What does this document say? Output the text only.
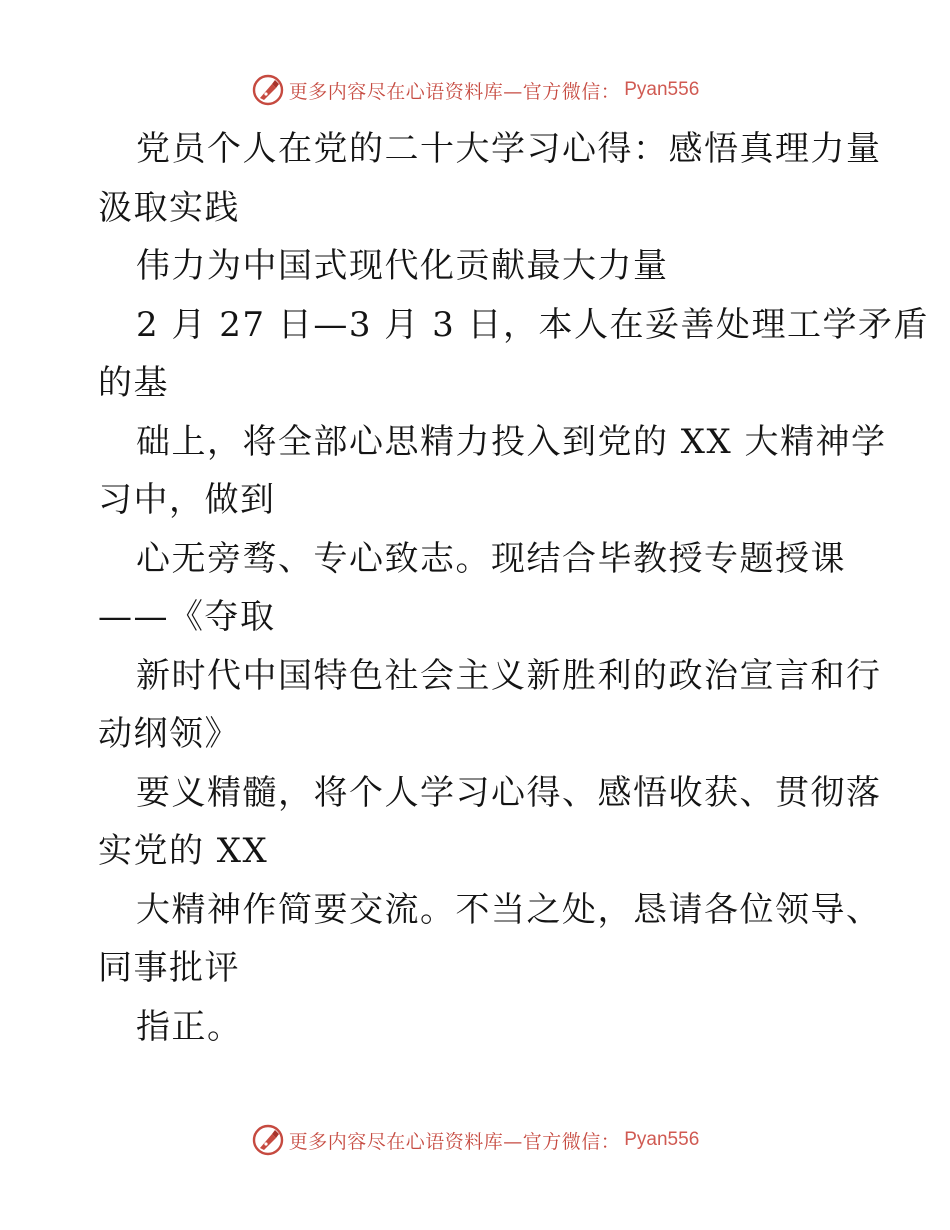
更多内容尽在心语资料库—官方微信： Pyan556
党员个人在党的二十大学习心得：感悟真理力量
汲取实践
伟力为中国式现代化贡献最大力量
2 月 27 日—3 月 3 日，本人在妥善处理工学矛盾
的基
础上，将全部心思精力投入到党的 XX 大精神学
习中，做到
心无旁骛、专心致志。现结合毕教授专题授课
——《夺取
新时代中国特色社会主义新胜利的政治宣言和行
动纲领》
要义精髓，将个人学习心得、感悟收获、贯彻落
实党的 XX
大精神作简要交流。不当之处，恳请各位领导、
同事批评
指正。
更多内容尽在心语资料库—官方微信： Pyan556
